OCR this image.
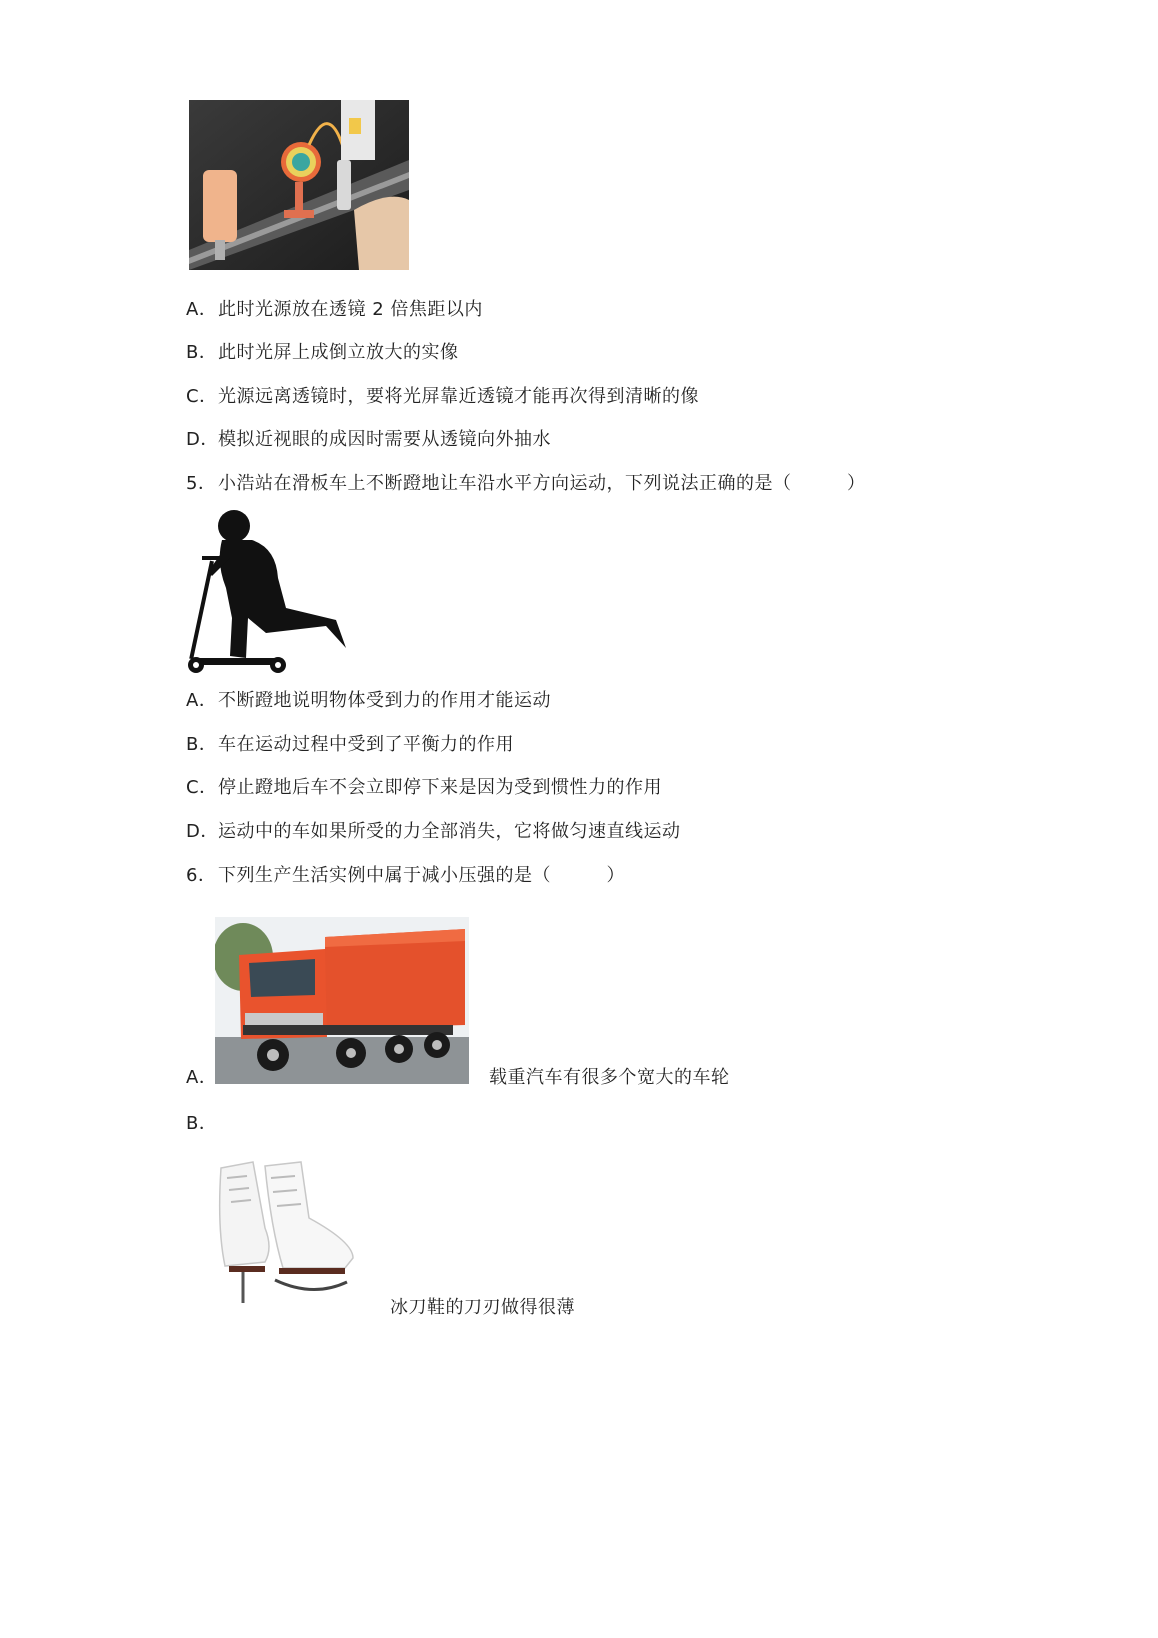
A．此时光源放在透镜 2 倍焦距以内
B．此时光屏上成倒立放大的实像
C．光源远离透镜时，要将光屏靠近透镜才能再次得到清晰的像
D．模拟近视眼的成因时需要从透镜向外抽水
5．小浩站在滑板车上不断蹬地让车沿水平方向运动，下列说法正确的是（　　　）
A．不断蹬地说明物体受到力的作用才能运动
B．车在运动过程中受到了平衡力的作用
C．停止蹬地后车不会立即停下来是因为受到惯性力的作用
D．运动中的车如果所受的力全部消失，它将做匀速直线运动
6．下列生产生活实例中属于减小压强的是（　　　）
A．	载重汽车有很多个宽大的车轮
B．
冰刀鞋的刀刃做得很薄
